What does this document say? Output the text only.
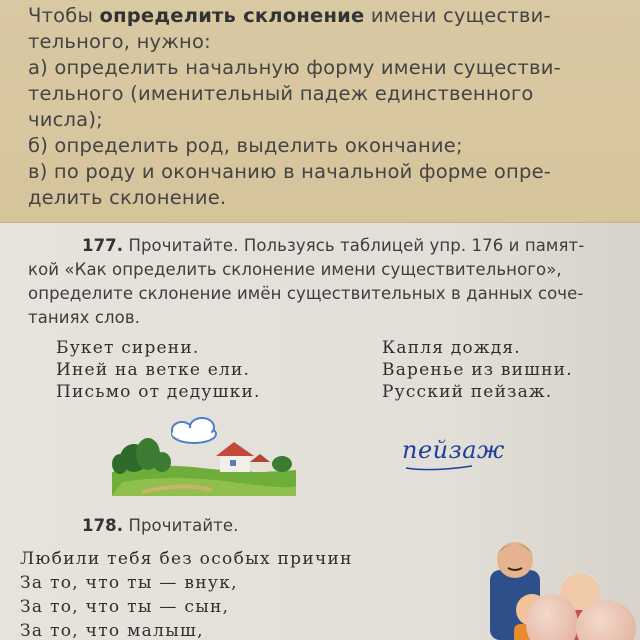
Чтобы определить склонение имени существи-
тельного, нужно:
а) определить начальную форму имени существи-
тельного (именительный падеж единственного
числа);
б) определить род, выделить окончание;
в) по роду и окончанию в начальной форме опре-
делить склонение.
177. Прочитайте. Пользуясь таблицей упр. 176 и памят-
кой «Как определить склонение имени существительного»,
определите склонение имён существительных в данных соче-
таниях слов.
Букет сирени.
Иней на ветке ели.
Письмо от дедушки.
Капля дождя.
Варенье из вишни.
Русский пейзаж.
пейзаж
178. Прочитайте.
Любили тебя без особых причин
За то, что ты — внук,
За то, что ты — сын,
За то, что малыш,
